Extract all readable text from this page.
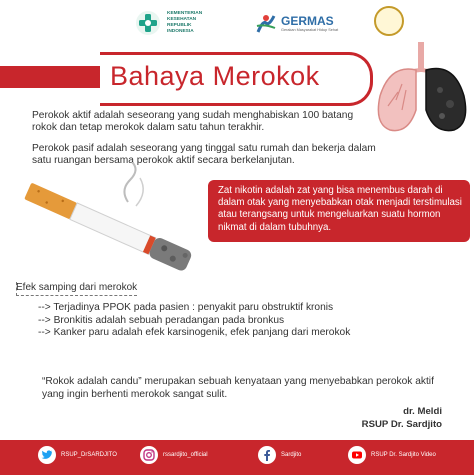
KEMENTERIAN KESEHATAN REPUBLIK INDONESIA
GERMAS
Gerakan Masyarakat Hidup Sehat
Bahaya Merokok
Perokok aktif adalah seseorang yang sudah menghabiskan 100 batang rokok dan tetap merokok dalam satu tahun terakhir.
Perokok pasif adalah seseorang yang tinggal satu rumah dan bekerja dalam satu ruangan bersama perokok aktif secara berkelanjutan.
Zat nikotin adalah zat yang bisa menembus darah di dalam otak yang menyebabkan otak menjadi terstimulasi atau terangsang untuk mengeluarkan suatu hormon nikmat di dalam tubuhnya.
Efek samping dari merokok
--> Terjadinya PPOK pada pasien : penyakit paru obstruktif kronis
--> Bronkitis adalah sebuah peradangan pada bronkus
--> Kanker paru adalah efek karsinogenik, efek panjang dari merokok
“Rokok adalah candu” merupakan sebuah kenyataan yang menyebabkan perokok aktif yang ingin berhenti merokok sangat sulit.
dr. Meldi
RSUP Dr. Sardjito
RSUP_DrSARDJITO	rssardjito_official	Sardjito	RSUP Dr. Sardjito Video
